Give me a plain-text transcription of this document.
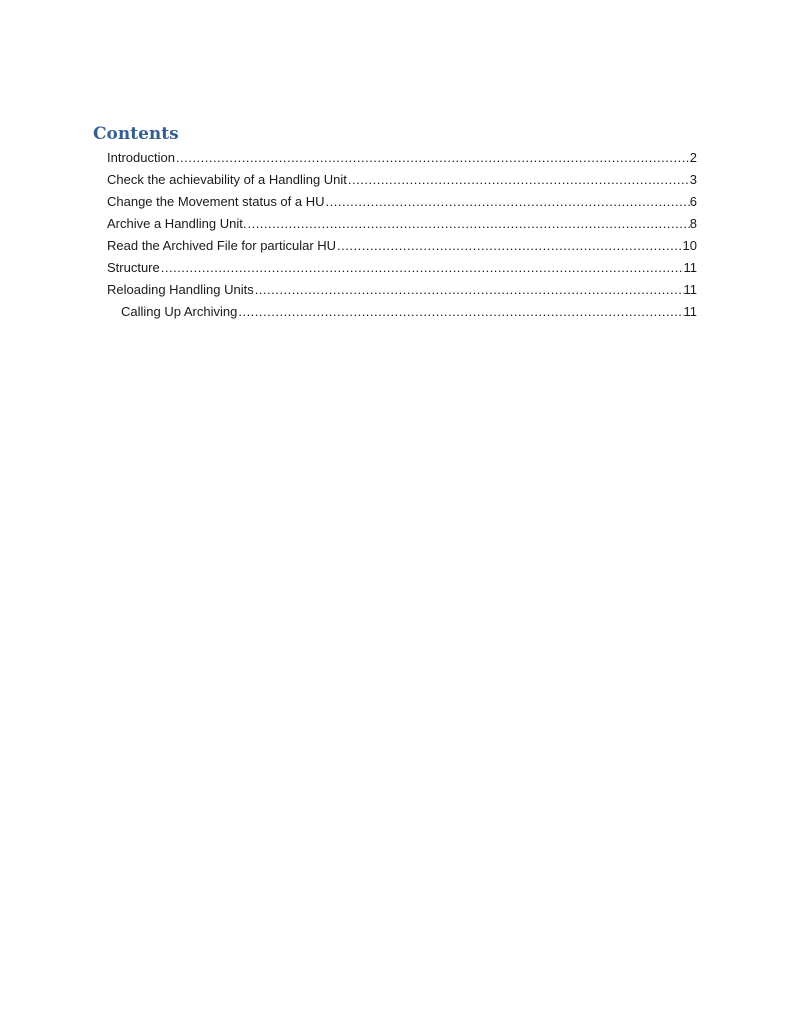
Contents
Introduction .....	2
Check the achievability of a Handling Unit .....	3
Change the Movement status of a HU .....	6
Archive a Handling Unit. .....	8
Read the Archived File for particular HU .....	10
Structure .....	11
Reloading Handling Units .....	11
Calling Up Archiving .....	11
